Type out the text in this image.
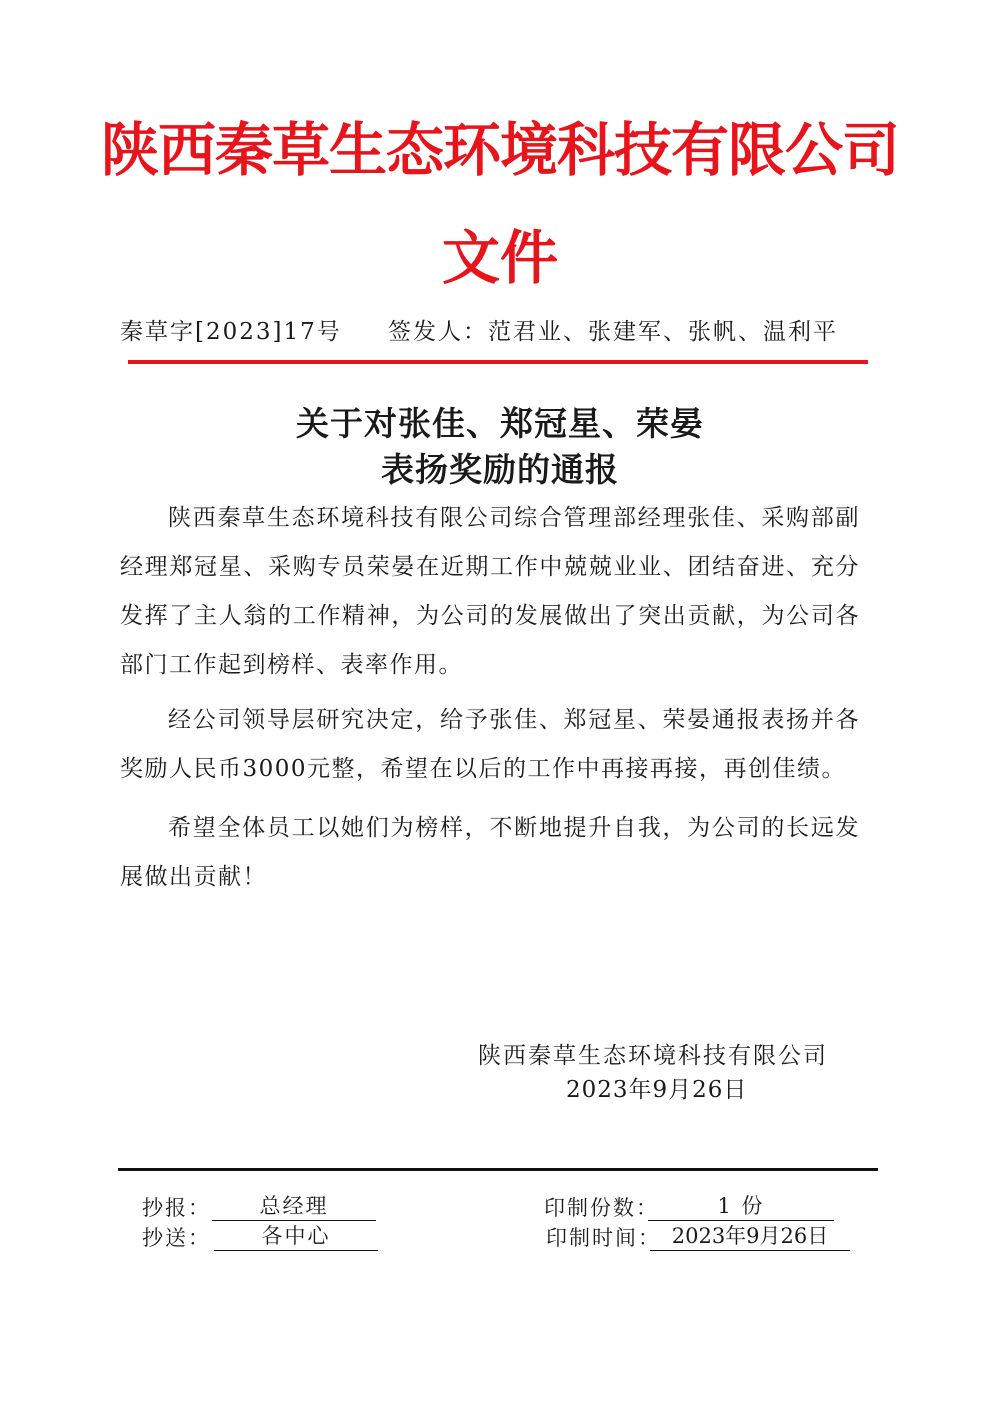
陕西秦草生态环境科技有限公司
文件
秦草字[2023]17号 签发人：范君业、张建军、张帆、温利平
关于对张佳、郑冠星、荣晏
表扬奖励的通报
陕西秦草生态环境科技有限公司综合管理部经理张佳、采购部副经理郑冠星、采购专员荣晏在近期工作中兢兢业业、团结奋进、充分发挥了主人翁的工作精神，为公司的发展做出了突出贡献，为公司各部门工作起到榜样、表率作用。
经公司领导层研究决定，给予张佳、郑冠星、荣晏通报表扬并各奖励人民币3000元整，希望在以后的工作中再接再接，再创佳绩。
希望全体员工以她们为榜样，不断地提升自我，为公司的长远发展做出贡献！
陕西秦草生态环境科技有限公司
2023年9月26日
抄报：	总经理
抄送：	各中心
印制份数：	1 份
印制时间： 2023年9月26日
